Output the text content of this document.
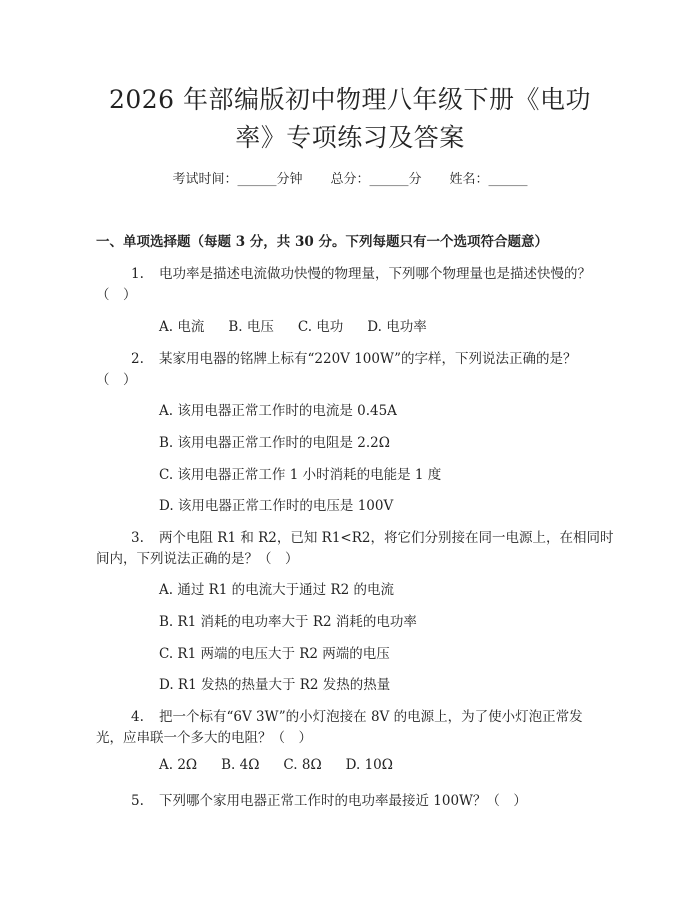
2026 年部编版初中物理八年级下册《电功
率》专项练习及答案
考试时间：______分钟 总分：______分 姓名：______
一、单项选择题（每题 3 分，共 30 分。下列每题只有一个选项符合题意）
1. 电功率是描述电流做功快慢的物理量，下列哪个物理量也是描述快慢的？
（　）
A. 电流 B. 电压 C. 电功 D. 电功率
2. 某家用电器的铭牌上标有“220V 100W”的字样，下列说法正确的是？
（　）
A. 该用电器正常工作时的电流是 0.45A
B. 该用电器正常工作时的电阻是 2.2Ω
C. 该用电器正常工作 1 小时消耗的电能是 1 度
D. 该用电器正常工作时的电压是 100V
3. 两个电阻 R1 和 R2，已知 R1<R2，将它们分别接在同一电源上，在相同时
间内，下列说法正确的是？（　）
A. 通过 R1 的电流大于通过 R2 的电流
B. R1 消耗的电功率大于 R2 消耗的电功率
C. R1 两端的电压大于 R2 两端的电压
D. R1 发热的热量大于 R2 发热的热量
4. 把一个标有“6V 3W”的小灯泡接在 8V 的电源上，为了使小灯泡正常发
光，应串联一个多大的电阻？（　）
A. 2Ω B. 4Ω C. 8Ω D. 10Ω
5. 下列哪个家用电器正常工作时的电功率最接近 100W？（　）
